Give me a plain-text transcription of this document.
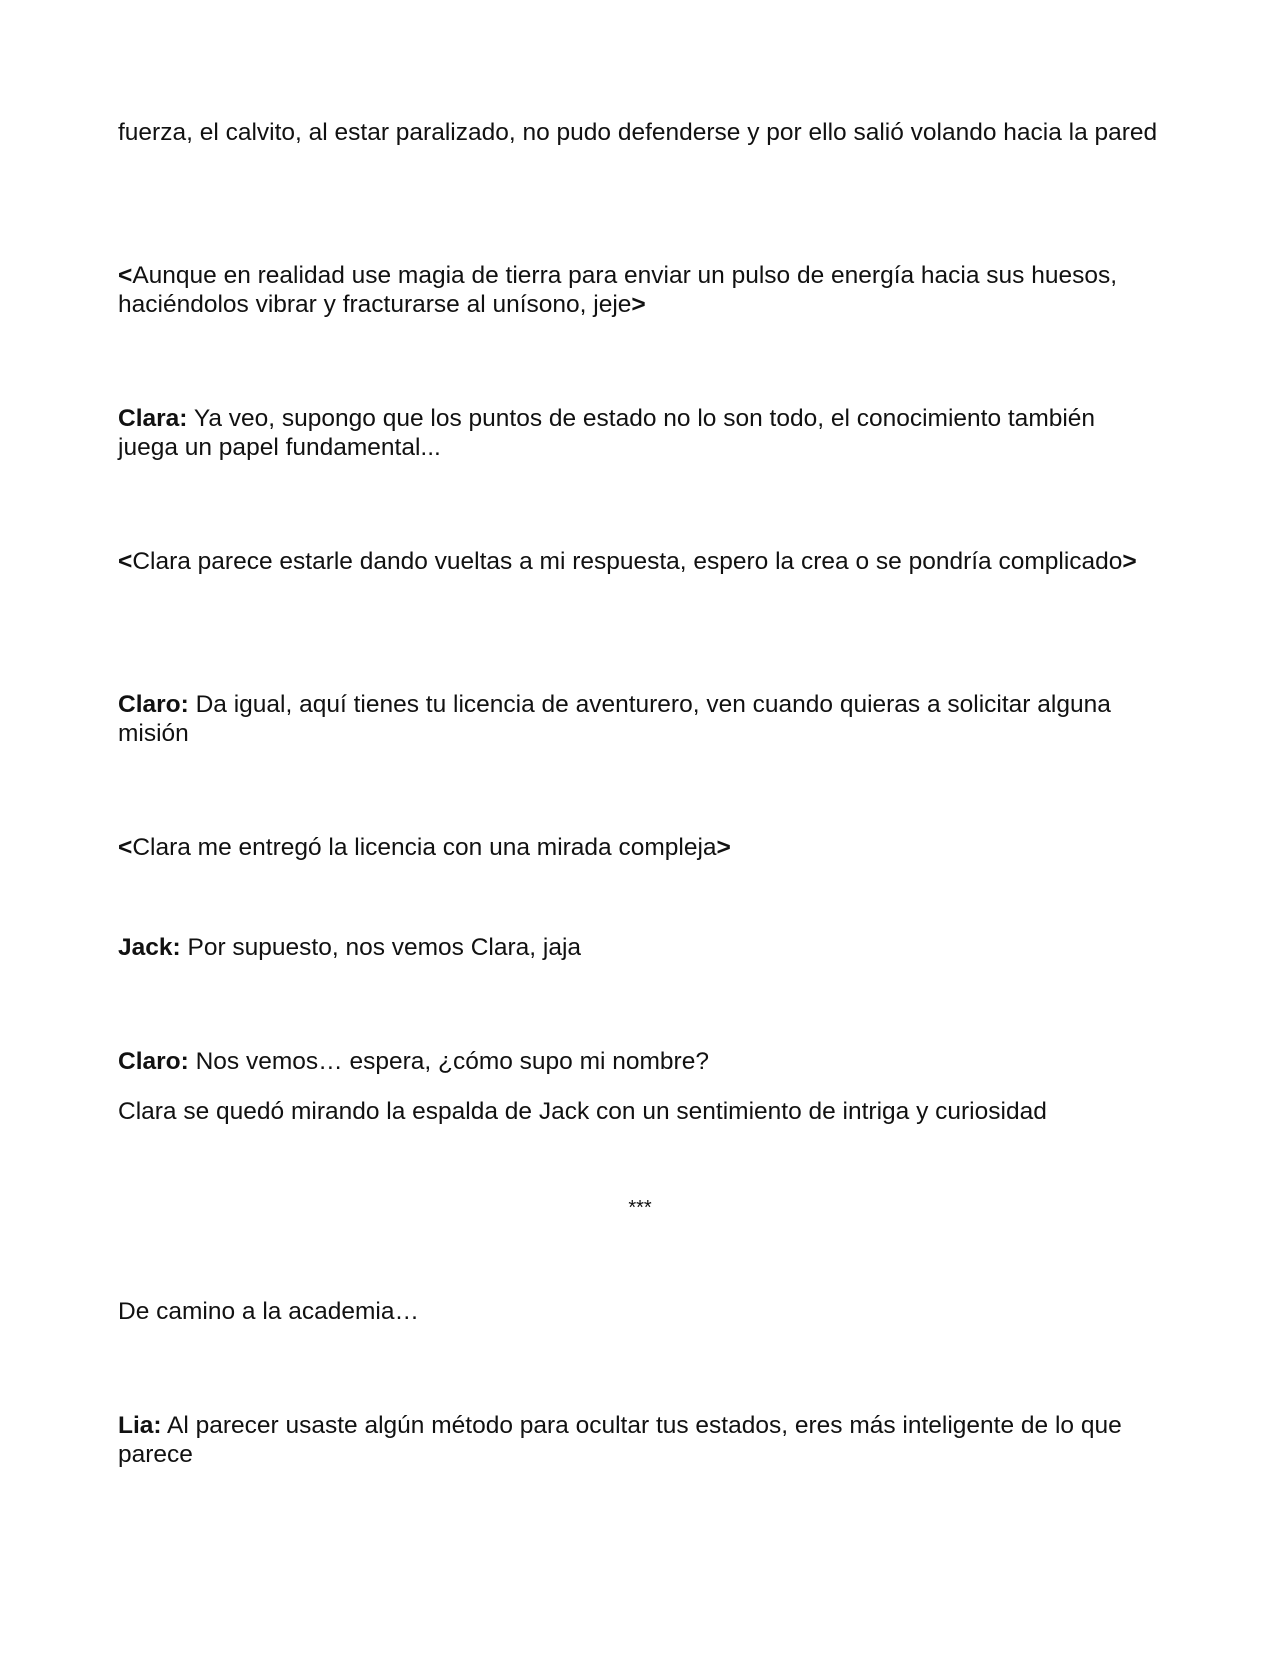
fuerza, el calvito, al estar paralizado, no pudo defenderse y por ello salió volando hacia la pared

<Aunque en realidad use magia de tierra para enviar un pulso de energía hacia sus huesos, haciéndolos vibrar y fracturarse al unísono, jeje>

Clara: Ya veo, supongo que los puntos de estado no lo son todo, el conocimiento también juega un papel fundamental...

<Clara parece estarle dando vueltas a mi respuesta, espero la crea o se pondría complicado>

Claro: Da igual, aquí tienes tu licencia de aventurero, ven cuando quieras a solicitar alguna misión

<Clara me entregó la licencia con una mirada compleja>

Jack: Por supuesto, nos vemos Clara, jaja

Claro: Nos vemos… espera, ¿cómo supo mi nombre?

Clara se quedó mirando la espalda de Jack con un sentimiento de intriga y curiosidad

***

De camino a la academia…

Lia: Al parecer usaste algún método para ocultar tus estados, eres más inteligente de lo que parece
